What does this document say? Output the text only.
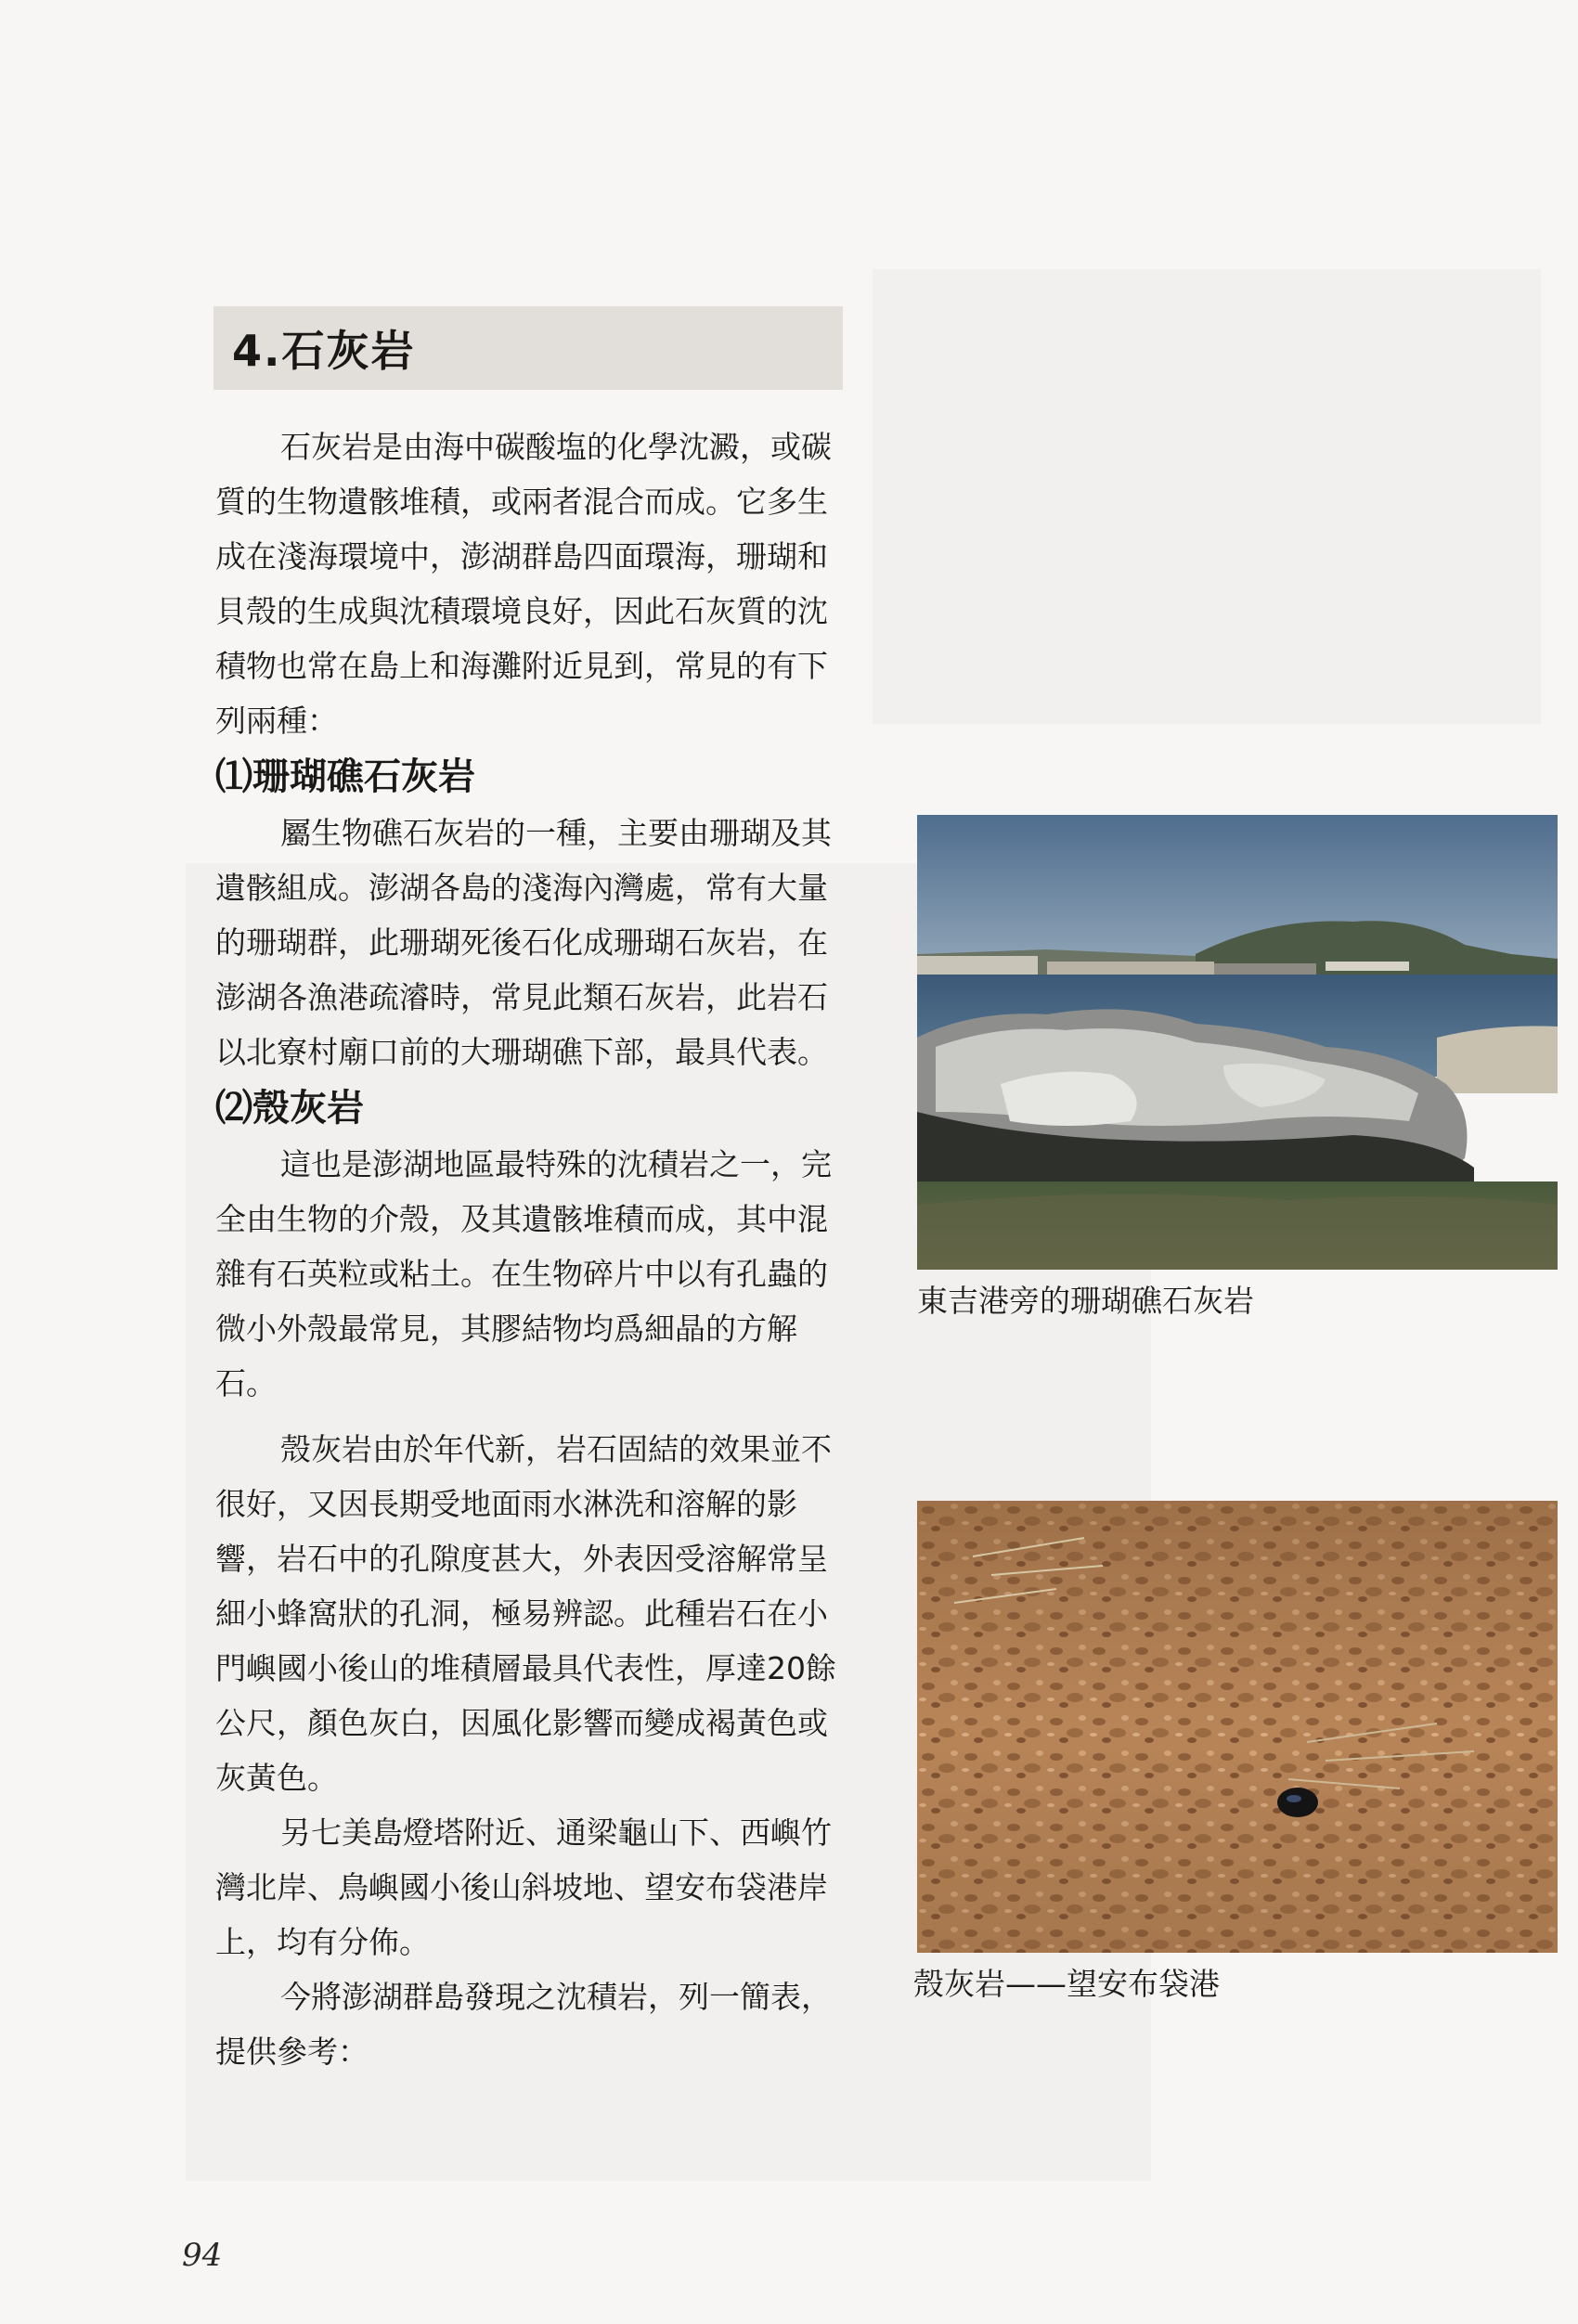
4.石灰岩

石灰岩是由海中碳酸塩的化學沈澱，或碳質的生物遺骸堆積，或兩者混合而成。它多生成在淺海環境中，澎湖群島四面環海，珊瑚和貝殼的生成與沈積環境良好，因此石灰質的沈積物也常在島上和海灘附近見到，常見的有下列兩種：

⑴珊瑚礁石灰岩

屬生物礁石灰岩的一種，主要由珊瑚及其遺骸組成。澎湖各島的淺海內灣處，常有大量的珊瑚群，此珊瑚死後石化成珊瑚石灰岩，在澎湖各漁港疏濬時，常見此類石灰岩，此岩石以北寮村廟口前的大珊瑚礁下部，最具代表。

⑵殼灰岩

這也是澎湖地區最特殊的沈積岩之一，完全由生物的介殼，及其遺骸堆積而成，其中混雜有石英粒或粘土。在生物碎片中以有孔蟲的微小外殼最常見，其膠結物均爲細晶的方解石。

殼灰岩由於年代新，岩石固結的效果並不很好，又因長期受地面雨水淋洗和溶解的影響，岩石中的孔隙度甚大，外表因受溶解常呈細小蜂窩狀的孔洞，極易辨認。此種岩石在小門嶼國小後山的堆積層最具代表性，厚達20餘公尺，顏色灰白，因風化影響而變成褐黃色或灰黃色。

另七美島燈塔附近、通梁龜山下、西嶼竹灣北岸、鳥嶼國小後山斜坡地、望安布袋港岸上，均有分佈。

今將澎湖群島發現之沈積岩，列一簡表，提供參考：

東吉港旁的珊瑚礁石灰岩
殼灰岩——望安布袋港
94
